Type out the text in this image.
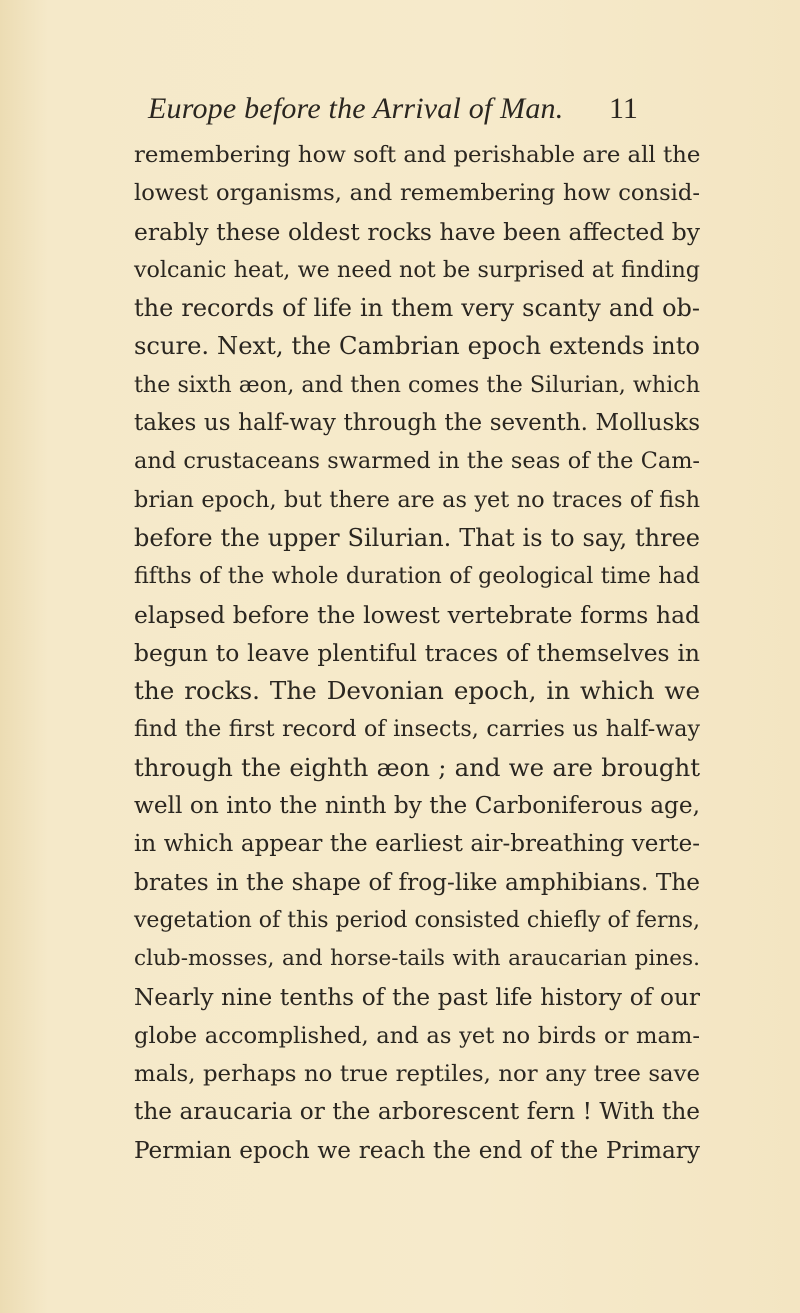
Europe before the Arrival of Man. 11
remembering how soft and perishable are all the
lowest organisms, and remembering how consid-
erably these oldest rocks have been affected by
volcanic heat, we need not be surprised at finding
the records of life in them very scanty and ob-
scure. Next, the Cambrian epoch extends into
the sixth æon, and then comes the Silurian, which
takes us half-way through the seventh. Mollusks
and crustaceans swarmed in the seas of the Cam-
brian epoch, but there are as yet no traces of fish
before the upper Silurian. That is to say, three
fifths of the whole duration of geological time had
elapsed before the lowest vertebrate forms had
begun to leave plentiful traces of themselves in
the rocks. The Devonian epoch, in which we
find the first record of insects, carries us half-way
through the eighth æon ; and we are brought
well on into the ninth by the Carboniferous age,
in which appear the earliest air-breathing verte-
brates in the shape of frog-like amphibians. The
vegetation of this period consisted chiefly of ferns,
club-mosses, and horse-tails with araucarian pines.
Nearly nine tenths of the past life history of our
globe accomplished, and as yet no birds or mam-
mals, perhaps no true reptiles, nor any tree save
the araucaria or the arborescent fern ! With the
Permian epoch we reach the end of the Primary
